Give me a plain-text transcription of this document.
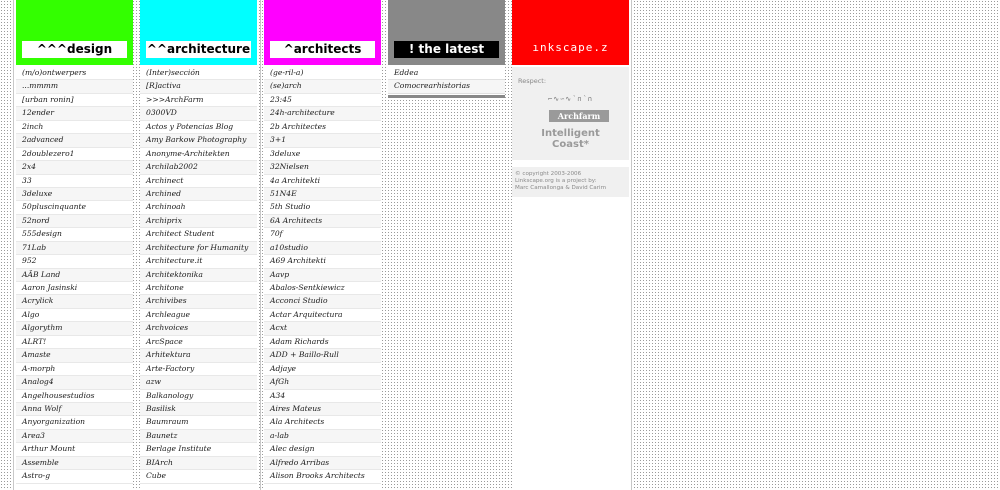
^^^design
(m/o)ontwerpers
...mmmm
[urban ronin]
12ender
2inch
2advanced
2doublezero1
2x4
33
3deluxe
50pluscinquante
52nord
555design
71Lab
952
AÄB Land
Aaron Jasinski
Acrylick
Algo
Algorythm
ALRT!
Amaste
A-morph
Analog4
Angelhousestudios
Anna Wolf
Anyorganization
Area3
Arthur Mount
Assemble
Astro-g
^^architecture
(Inter)sección
[R]activa
>>>ArchFarm
0300VD
Actos y Potencias Blog
Amy Barkow Photography
Anonyme-Architekten
Archilab2002
Archinect
Archined
Archinoah
Archiprix
Architect Student
Architecture for Humanity
Architecture.it
Architektonika
Architone
Archivibes
Archleague
Archvoices
ArcSpace
Arhitektura
Arte-Factory
azw
Balkanology
Basilisk
Baumraum
Baunetz
Berlage Institute
BIArch
Cube
^architects
(ge-ril-a)
(se)arch
23:45
24h-architecture
2b Architectes
3+1
3deluxe
32Nielsen
4a Architekti
51N4E
5th Studio
6A Architects
70f
a10studio
A69 Architekti
Aavp
Abalos-Sentkiewicz
Acconci Studio
Actar Arquitectura
Acxt
Adam Richards
ADD + Baillo-Rull
Adjaye
AfGh
A34
Aires Mateus
Ala Architects
a-lab
Alec design
Alfredo Arribas
Alison Brooks Architects
! the latest
Eddea
Comocrearhistorias
ınkscape.z
Respect:
⌐∿∽∿՝∩՝∩
Archfarm
Intelligent
Coast*
© copyright 2003-2006
Linkscape.org is a project by:
Marc Camallonga & David Carim
